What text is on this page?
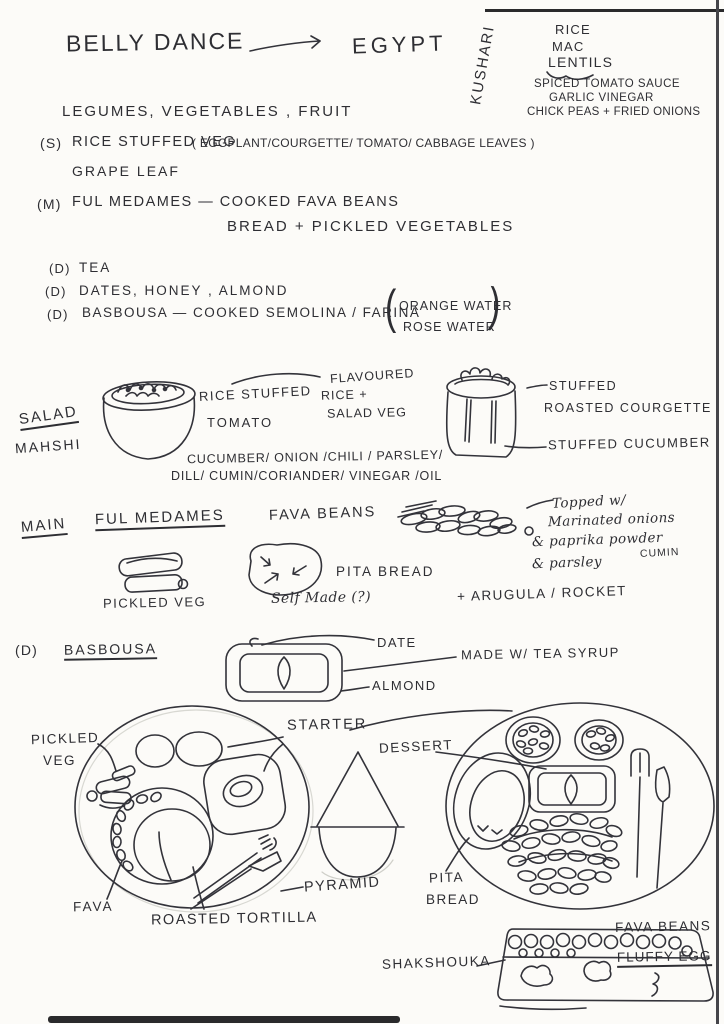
BELLY DANCE	EGYPT KUSHARI	RICE
MAC
LENTILS
SPICED TOMATO SAUCE
GARLIC VINEGAR
CHICK PEAS + FRIED ONIONS
LEGUMES, VEGETABLES , FRUIT
(S) RICE STUFFED VEG
( EGGPLANT/COURGETTE/ TOMATO/ CABBAGE LEAVES )
GRAPE LEAF
(M) FUL MEDAMES — COOKED FAVA BEANS
BREAD + PICKLED VEGETABLES
(D) TEA
(D) DATES, HONEY , ALMOND
(D) BASBOUSA — COOKED SEMOLINA / FARINA
( ORANGE WATER
ROSE WATER
)
SALAD
MAHSHI
RICE STUFFED
TOMATO
FLAVOURED
RICE +
SALAD VEG
STUFFED
ROASTED COURGETTE
STUFFED CUCUMBER
CUCUMBER/ ONION /CHILI / PARSLEY/
DILL/ CUMIN/CORIANDER/ VINEGAR /OIL
MAIN FUL MEDAMES	FAVA BEANS
Topped w/
Marinated onions
& paprika powder
CUMIN
& parsley
PICKLED VEG
PITA BREAD
Self Made (?)	+ ARUGULA / ROCKET
(D) BASBOUSA	DATE
MADE W/ TEA SYRUP
ALMOND
PICKLED
VEG
STARTER
DESSERT
FAVA
ROASTED TORTILLA
PYRAMID	PITA
BREAD
SHAKSHOUKA
FAVA BEANS
FLUFFY EGG
